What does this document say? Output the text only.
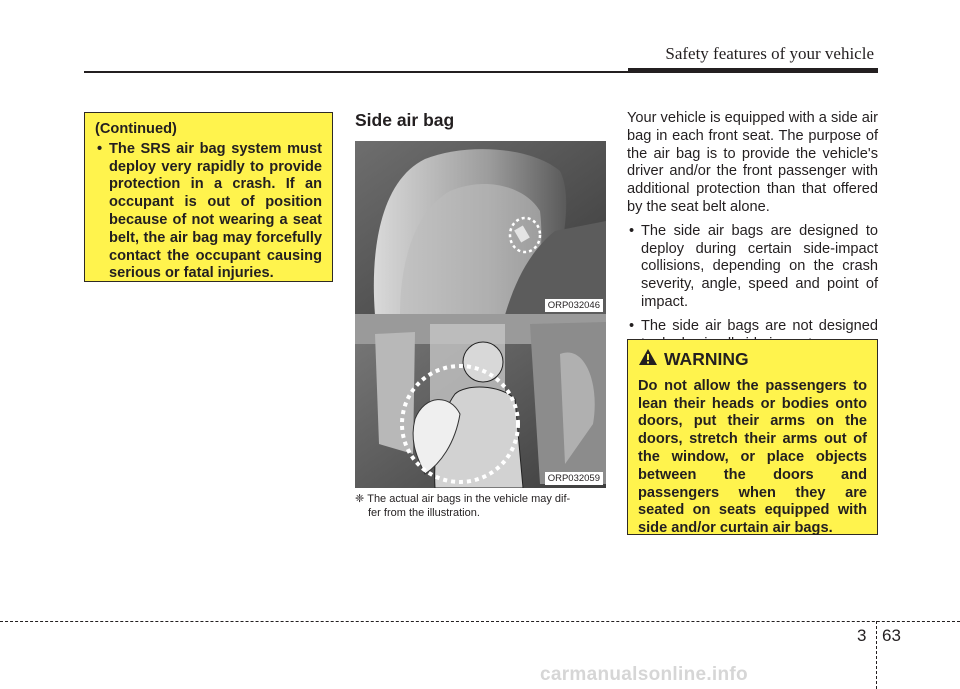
Safety features of your vehicle
(Continued)
• The SRS air bag system must deploy very rapidly to provide protection in a crash. If an occupant is out of position because of not wearing a seat belt, the air bag may forcefully contact the occupant causing serious or fatal injuries.
Side air bag
ORP032046
ORP032059
❈ The actual air bags in the vehicle may dif-
fer from the illustration.

Your vehicle is equipped with a side air bag in each front seat. The purpose of the air bag is to provide the vehicle's driver and/or the front passenger with additional protection than that offered by the seat belt alone.

• The side air bags are designed to deploy during certain side-impact collisions, depending on the crash severity, angle, speed and point of impact.
• The side air bags are not designed
WARNING
Do not allow the passengers to lean their heads or bodies onto doors, put their arms on the doors, stretch their arms out of the window, or place objects between the doors and passengers when they are seated on seats equipped with side and/or curtain air bags.
3 63
carmanualsonline.info
